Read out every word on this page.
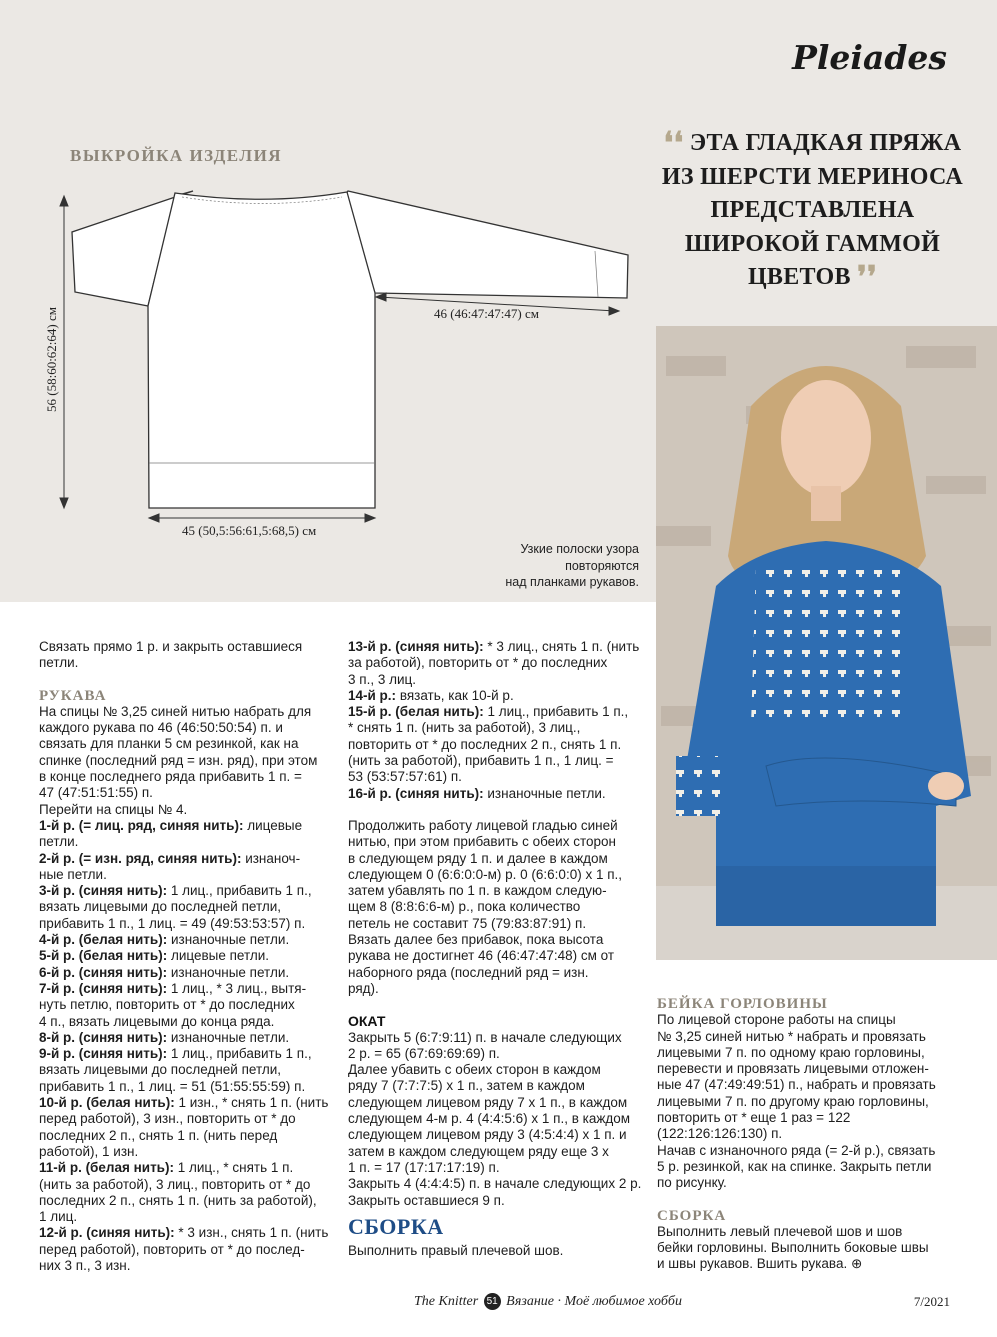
Pleiades
ВЫКРОЙКА ИЗДЕЛИЯ
56 (58:60:62:64) см
45 (50,5:56:61,5:68,5) см
46 (46:47:47:47) см
Узкие полоски узора
повторяются
над планками рукавов.
❛❛ ЭТА ГЛАДКАЯ ПРЯЖА
ИЗ ШЕРСТИ МЕРИНОСА
ПРЕДСТАВЛЕНА
ШИРОКОЙ ГАММОЙ
ЦВЕТОВ ❜❜

Связать прямо 1 р. и закрыть оставшиеся

петли.

РУКАВА

На спицы № 3,25 синей нитью набрать для

каждого рукава по 46 (46:50:50:54) п. и

связать для планки 5 см резинкой, как на

спинке (последний ряд = изн. ряд), при этом

в конце последнего ряда прибавить 1 п. =

47 (47:51:51:55) п.

Перейти на спицы № 4.

1-й р. (= лиц. ряд, синяя нить): лицевые

петли.

2-й р. (= изн. ряд, синяя нить): изнаноч-

ные петли.

3-й р. (синяя нить): 1 лиц., прибавить 1 п.,

вязать лицевыми до последней петли,

прибавить 1 п., 1 лиц. = 49 (49:53:53:57) п.

4-й р. (белая нить): изнаночные петли.

5-й р. (белая нить): лицевые петли.

6-й р. (синяя нить): изнаночные петли.

7-й р. (синяя нить): 1 лиц., * 3 лиц., вытя-

нуть петлю, повторить от * до последних

4 п., вязать лицевыми до конца ряда.

8-й р. (синяя нить): изнаночные петли.

9-й р. (синяя нить): 1 лиц., прибавить 1 п.,

вязать лицевыми до последней петли,

прибавить 1 п., 1 лиц. = 51 (51:55:55:59) п.

10-й р. (белая нить): 1 изн., * снять 1 п. (нить

перед работой), 3 изн., повторить от * до

последних 2 п., снять 1 п. (нить перед

работой), 1 изн.

11-й р. (белая нить): 1 лиц., * снять 1 п.

(нить за работой), 3 лиц., повторить от * до

последних 2 п., снять 1 п. (нить за работой),

1 лиц.

12-й р. (синяя нить): * 3 изн., снять 1 п. (нить

перед работой), повторить от * до послед-

них 3 п., 3 изн.

13-й р. (синяя нить): * 3 лиц., снять 1 п. (нить

за работой), повторить от * до последних

3 п., 3 лиц.

14-й р.: вязать, как 10-й р.

15-й р. (белая нить): 1 лиц., прибавить 1 п.,

* снять 1 п. (нить за работой), 3 лиц.,

повторить от * до последних 2 п., снять 1 п.

(нить за работой), прибавить 1 п., 1 лиц. =

53 (53:57:57:61) п.

16-й р. (синяя нить): изнаночные петли.

Продолжить работу лицевой гладью синей

нитью, при этом прибавить с обеих сторон

в следующем ряду 1 п. и далее в каждом

следующем 0 (6:6:0:0-м) р. 0 (6:6:0:0) x 1 п.,

затем убавлять по 1 п. в каждом следую-

щем 8 (8:8:6:6-м) р., пока количество

петель не составит 75 (79:83:87:91) п.

Вязать далее без прибавок, пока высота

рукава не достигнет 46 (46:47:47:48) см от

наборного ряда (последний ряд = изн.

ряд).

ОКАТ

Закрыть 5 (6:7:9:11) п. в начале следующих

2 р. = 65 (67:69:69:69) п.

Далее убавить с обеих сторон в каждом

ряду 7 (7:7:7:5) x 1 п., затем в каждом

следующем лицевом ряду 7 x 1 п., в каждом

следующем 4-м р. 4 (4:4:5:6) x 1 п., в каждом

следующем лицевом ряду 3 (4:5:4:4) x 1 п. и

затем в каждом следующем ряду еще 3 x

1 п. = 17 (17:17:17:19) п.

Закрыть 4 (4:4:4:5) п. в начале следующих 2 р.

Закрыть оставшиеся 9 п.

СБОРКА

Выполнить правый плечевой шов.

БЕЙКА ГОРЛОВИНЫ

По лицевой стороне работы на спицы

№ 3,25 синей нитью * набрать и провязать

лицевыми 7 п. по одному краю горловины,

перевести и провязать лицевыми отложен-

ные 47 (47:49:49:51) п., набрать и провязать

лицевыми 7 п. по другому краю горловины,

повторить от * еще 1 раз = 122

(122:126:126:130) п.

Начав с изнаночного ряда (= 2-й р.), связать

5 р. резинкой, как на спинке. Закрыть петли

по рисунку.

СБОРКА

Выполнить левый плечевой шов и шов

бейки горловины. Выполнить боковые швы

и швы рукавов. Вшить рукава. ⊕

The Knitter 51 Вязание · Моё любимое хобби	7/2021
